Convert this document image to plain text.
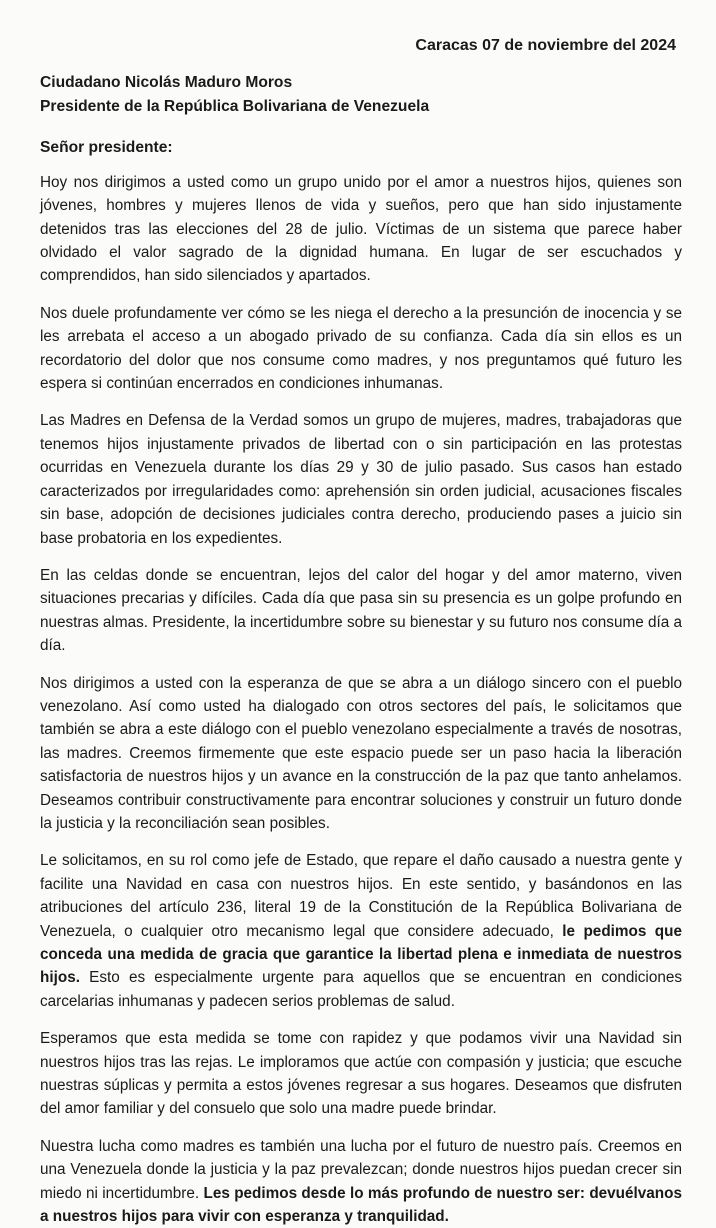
Caracas 07 de noviembre del 2024
Ciudadano Nicolás Maduro Moros
Presidente de la República Bolivariana de Venezuela
Señor presidente:

Hoy nos dirigimos a usted como un grupo unido por el amor a nuestros hijos, quienes son jóvenes, hombres y mujeres llenos de vida y sueños, pero que han sido injustamente detenidos tras las elecciones del 28 de julio. Víctimas de un sistema que parece haber olvidado el valor sagrado de la dignidad humana. En lugar de ser escuchados y comprendidos, han sido silenciados y apartados.

Nos duele profundamente ver cómo se les niega el derecho a la presunción de inocencia y se les arrebata el acceso a un abogado privado de su confianza. Cada día sin ellos es un recordatorio del dolor que nos consume como madres, y nos preguntamos qué futuro les espera si continúan encerrados en condiciones inhumanas.

Las Madres en Defensa de la Verdad somos un grupo de mujeres, madres, trabajadoras que tenemos hijos injustamente privados de libertad con o sin participación en las protestas ocurridas en Venezuela durante los días 29 y 30 de julio pasado. Sus casos han estado caracterizados por irregularidades como: aprehensión sin orden judicial, acusaciones fiscales sin base, adopción de decisiones judiciales contra derecho, produciendo pases a juicio sin base probatoria en los expedientes.

En las celdas donde se encuentran, lejos del calor del hogar y del amor materno, viven situaciones precarias y difíciles. Cada día que pasa sin su presencia es un golpe profundo en nuestras almas. Presidente, la incertidumbre sobre su bienestar y su futuro nos consume día a día.

Nos dirigimos a usted con la esperanza de que se abra a un diálogo sincero con el pueblo venezolano. Así como usted ha dialogado con otros sectores del país, le solicitamos que también se abra a este diálogo con el pueblo venezolano especialmente a través de nosotras, las madres. Creemos firmemente que este espacio puede ser un paso hacia la liberación satisfactoria de nuestros hijos y un avance en la construcción de la paz que tanto anhelamos. Deseamos contribuir constructivamente para encontrar soluciones y construir un futuro donde la justicia y la reconciliación sean posibles.

Le solicitamos, en su rol como jefe de Estado, que repare el daño causado a nuestra gente y facilite una Navidad en casa con nuestros hijos. En este sentido, y basándonos en las atribuciones del artículo 236, literal 19 de la Constitución de la República Bolivariana de Venezuela, o cualquier otro mecanismo legal que considere adecuado, le pedimos que conceda una medida de gracia que garantice la libertad plena e inmediata de nuestros hijos. Esto es especialmente urgente para aquellos que se encuentran en condiciones carcelarias inhumanas y padecen serios problemas de salud.

Esperamos que esta medida se tome con rapidez y que podamos vivir una Navidad sin nuestros hijos tras las rejas. Le imploramos que actúe con compasión y justicia; que escuche nuestras súplicas y permita a estos jóvenes regresar a sus hogares. Deseamos que disfruten del amor familiar y del consuelo que solo una madre puede brindar.

Nuestra lucha como madres es también una lucha por el futuro de nuestro país. Creemos en una Venezuela donde la justicia y la paz prevalezcan; donde nuestros hijos puedan crecer sin miedo ni incertidumbre. Les pedimos desde lo más profundo de nuestro ser: devuélvanos a nuestros hijos para vivir con esperanza y tranquilidad.
